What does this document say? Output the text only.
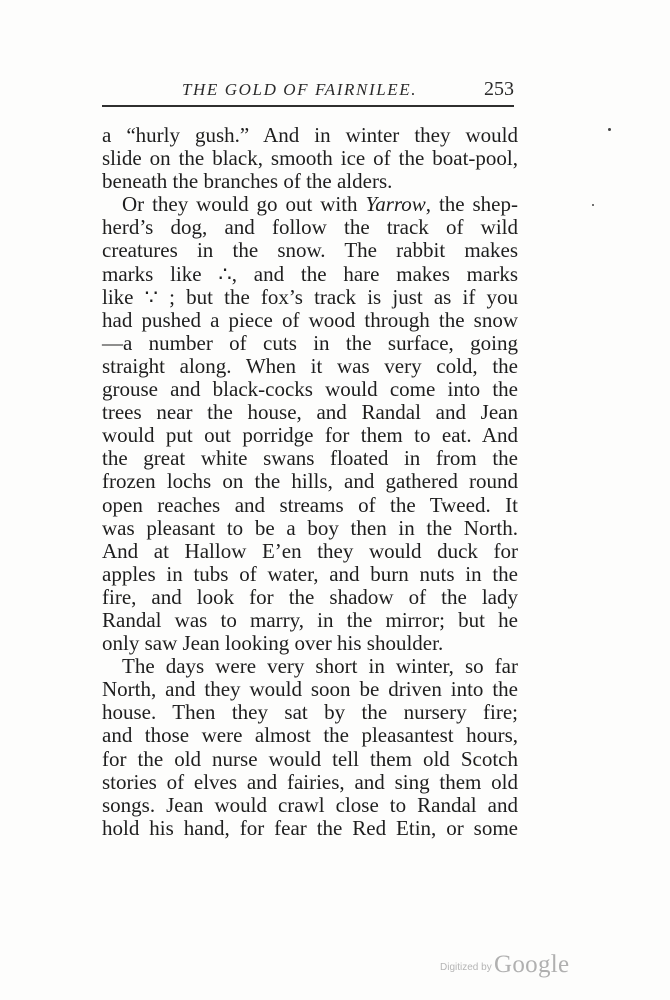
THE GOLD OF FAIRNILEE.	253
a “hurly gush.” And in winter they would
slide on the black, smooth ice of the boat-pool,
beneath the branches of the alders.
Or they would go out with Yarrow, the shep-
herd’s dog, and follow the track of wild
creatures in the snow. The rabbit makes
marks like ∴, and the hare makes marks
like ∵ ; but the fox’s track is just as if you
had pushed a piece of wood through the snow
—a number of cuts in the surface, going
straight along. When it was very cold, the
grouse and black-cocks would come into the
trees near the house, and Randal and Jean
would put out porridge for them to eat. And
the great white swans floated in from the
frozen lochs on the hills, and gathered round
open reaches and streams of the Tweed. It
was pleasant to be a boy then in the North.
And at Hallow E’en they would duck for
apples in tubs of water, and burn nuts in the
fire, and look for the shadow of the lady
Randal was to marry, in the mirror; but he
only saw Jean looking over his shoulder.
The days were very short in winter, so far
North, and they would soon be driven into the
house. Then they sat by the nursery fire;
and those were almost the pleasantest hours,
for the old nurse would tell them old Scotch
stories of elves and fairies, and sing them old
songs. Jean would crawl close to Randal and
hold his hand, for fear the Red Etin, or some
Digitized by Google
